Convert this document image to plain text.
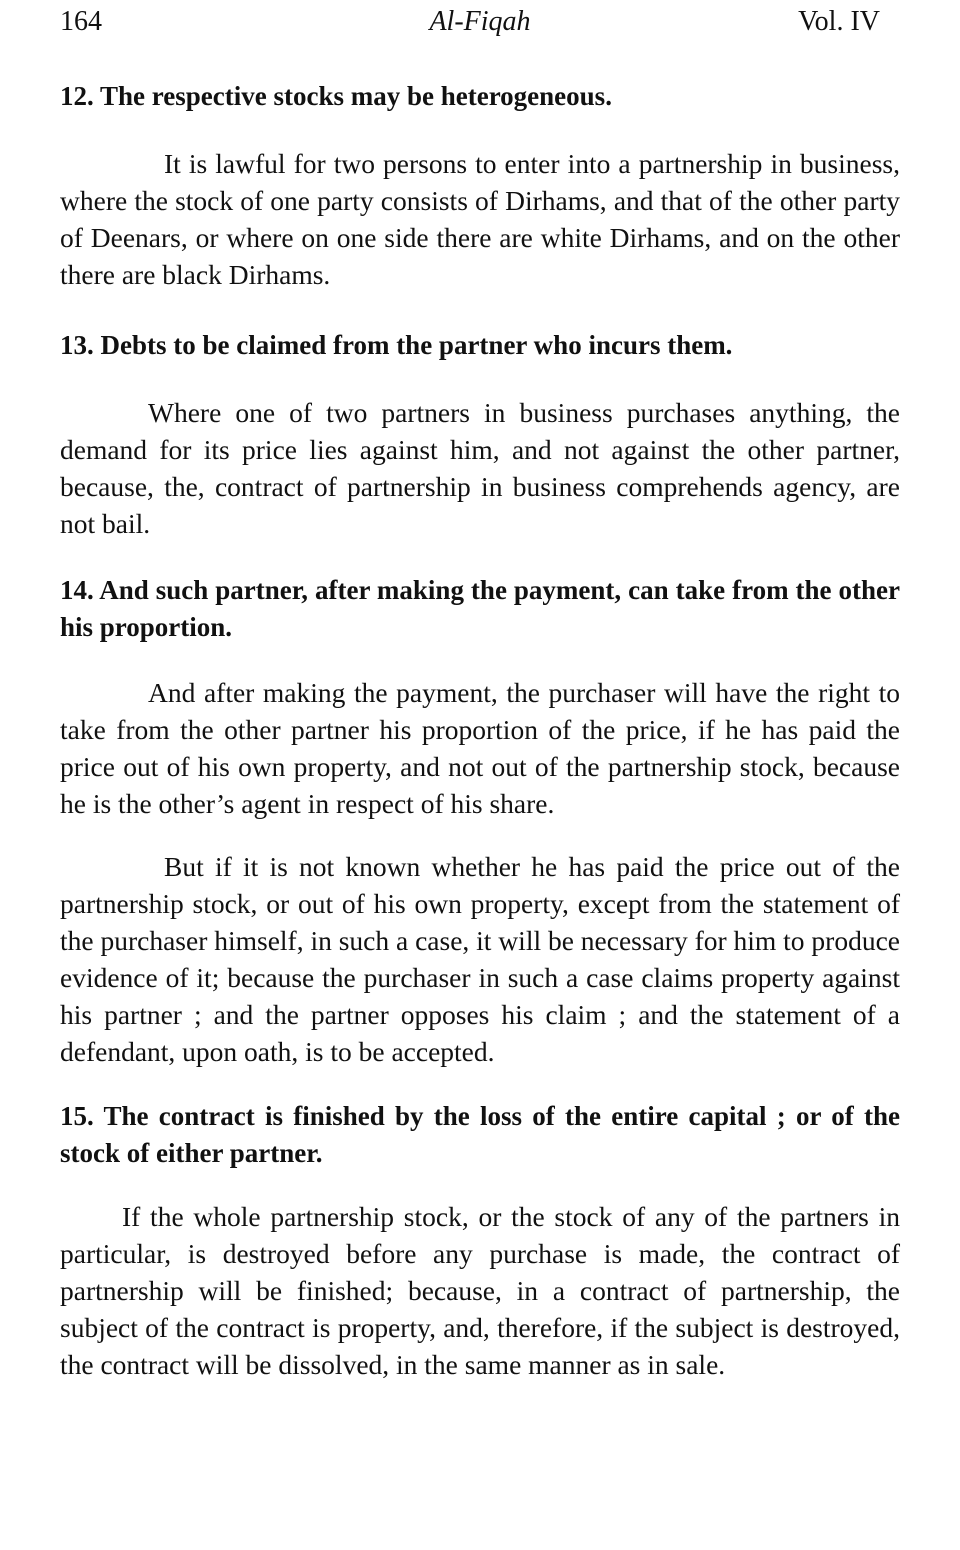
164	Al-Fiqah	Vol. IV
12. The respective stocks may be heterogeneous.

It is lawful for two persons to enter into a partnership in business, where the stock of one party consists of Dirhams, and that of the other party of Deenars, or where on one side there are white Dirhams, and on the other there are black Dirhams.

13. Debts to be claimed from the partner who incurs them.

Where one of two partners in business purchases anything, the demand for its price lies against him, and not against the other partner, because, the, contract of partnership in business comprehends agency, are not bail.

14. And such partner, after making the payment, can take from the other his proportion.

And after making the payment, the purchaser will have the right to take from the other partner his proportion of the price, if he has paid the price out of his own property, and not out of the partnership stock, because he is the other’s agent in respect of his share.

But if it is not known whether he has paid the price out of the partnership stock, or out of his own property, except from the statement of the purchaser himself, in such a case, it will be necessary for him to produce evidence of it; because the purchaser in such a case claims property against his partner ; and the partner opposes his claim ; and the statement of a defendant, upon oath, is to be accepted.

15. The contract is finished by the loss of the entire capital ; or of the stock of either partner.

If the whole partnership stock, or the stock of any of the partners in particular, is destroyed before any purchase is made, the contract of partnership will be finished; because, in a contract of partnership, the subject of the contract is property, and, therefore, if the subject is destroyed, the contract will be dissolved, in the same manner as in sale.
